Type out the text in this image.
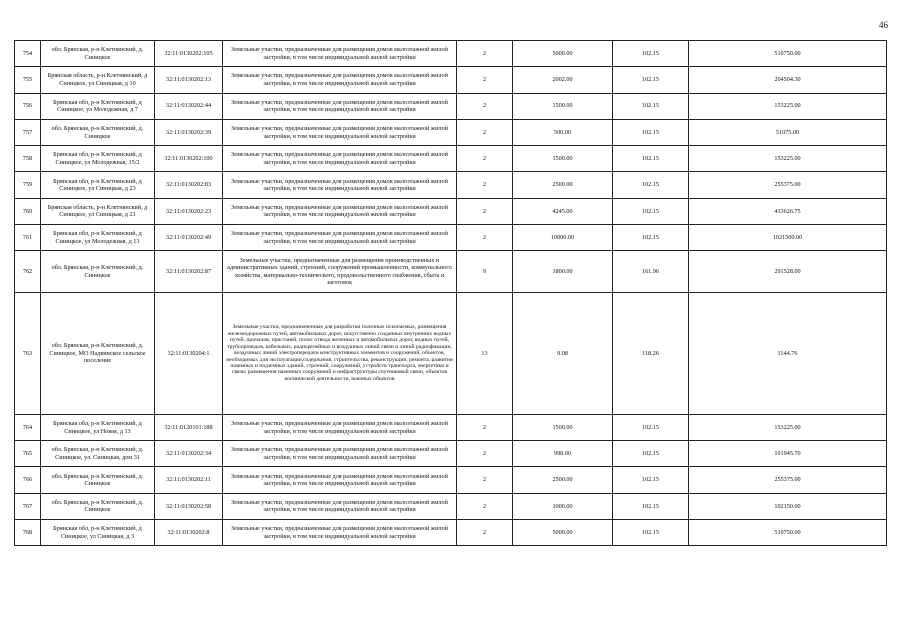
46
754	обл. Брянская, р-н Клетнянский, д. Синицкое	32:11:0130202:105	Земельные участки, предназначенные для размещения домов малоэтажной жилой застройки, в том числе индивидуальной жилой застройки	2	5000.00	102.15	510750.00
755	Брянская область, р-н Клетнянский, д Синицкое, ул Синицкая, д 10	32:11:0130202:13	Земельные участки, предназначенные для размещения домов малоэтажной жилой застройки, в том числе индивидуальной жилой застройки	2	2002.00	102.15	204504.30
756	Брянская обл, р-н Клетнянский, д Синицкое, ул Молодежная, д 7	32:11:0130202:44	Земельные участки, предназначенные для размещения домов малоэтажной жилой застройки, в том числе индивидуальной жилой застройки	2	1500.00	102.15	153225.00
757	обл. Брянская, р-н Клетнянский, д. Синицкое	32:11:0130202:39	Земельные участки, предназначенные для размещения домов малоэтажной жилой застройки, в том числе индивидуальной жилой застройки	2	500.00	102.15	51075.00
758	Брянская обл, р-н Клетнянский, д Синицкое, ул Молодежная, 15/2	32:11:0130202:100	Земельные участки, предназначенные для размещения домов малоэтажной жилой застройки, в том числе индивидуальной жилой застройки	2	1500.00	102.15	153225.00
759	Брянская обл, р-н Клетнянский, д Синицкое, ул Синицкая, д 23	32:11:0130202:83	Земельные участки, предназначенные для размещения домов малоэтажной жилой застройки, в том числе индивидуальной жилой застройки	2	2500.00	102.15	255375.00
760	Брянская область, р-н Клетнянский, д Синицкое, ул Синицкая, д 21	32:11:0130202:23	Земельные участки, предназначенные для размещения домов малоэтажной жилой застройки, в том числе индивидуальной жилой застройки	2	4245.00	102.15	433626.75
761	Брянская обл, р-н Клетнянский, д Синицкое, ул Молодежная, д 13	32:11:0130202:49	Земельные участки, предназначенные для размещения домов малоэтажной жилой застройки, в том числе индивидуальной жилой застройки	2	10000.00	102.15	1021500.00
762	обл. Брянская, р-н Клетнянский, д. Синицкое	32:11:0130202:87	Земельные участки, предназначенные для размещения производственных и административных зданий, строений, сооружений промышленности, коммунального хозяйства, материально-технического, продовольственного снабжения, сбыта и заготовок	9	1800.00	161.96	291528.00
763	обл. Брянская, р-н Клетнянский, д. Синицкое, МО Надвинское сельское поселение	32:11:0130204:1	Земельные участки, предназначенные для разработки полезных ископаемых, размещения железнодорожных путей, автомобильных дорог, искусственно созданных внутренних водных путей, причалов, пристаней, полос отвода железных и автомобильных дорог, водных путей, трубопроводов, кабельных, радиорелейных и воздушных линий связи и линий радиофикации, воздушных линий электропередачи конструктивных элементов и сооружений, объектов, необходимых для эксплуатации,содержания, строительства, реконструкции, ремонта, развития наземных и подземных зданий, строений, сооружений, устройств транспорта, энергетики и связи; размещения наземных сооружений и инфраструктуры спутниковой связи, объектов космической деятельности, военных объектов	13	9.08	118.26	1144.76
764	Брянская обл, р-н Клетнянский, д Синицкое, ул Новая, д 13	32:11:0120101:188	Земельные участки, предназначенные для размещения домов малоэтажной жилой застройки, в том числе индивидуальной жилой застройки	2	1500.00	102.15	153225.00
765	обл. Брянская, р-н Клетнянский, д. Синицкое, ул. Синицкая, дом 31	32:11:0130202:34	Земельные участки, предназначенные для размещения домов малоэтажной жилой застройки, в том числе индивидуальной жилой застройки	2	998.00	102.15	101945.70
766	обл. Брянская, р-н Клетнянский, д. Синицкое	32:11:0130202:11	Земельные участки, предназначенные для размещения домов малоэтажной жилой застройки, в том числе индивидуальной жилой застройки	2	2500.00	102.15	255375.00
767	обл. Брянская, р-н Клетнянский, д. Синицкое	32:11:0130202:58	Земельные участки, предназначенные для размещения домов малоэтажной жилой застройки, в том числе индивидуальной жилой застройки	2	1000.00	102.15	102150.00
768	Брянская обл, р-н Клетнянский, д Синицкое, ул Синицкая, д 3	32:11:0130202:8	Земельные участки, предназначенные для размещения домов малоэтажной жилой застройки, в том числе индивидуальной жилой застройки	2	5000.00	102.15	510750.00
